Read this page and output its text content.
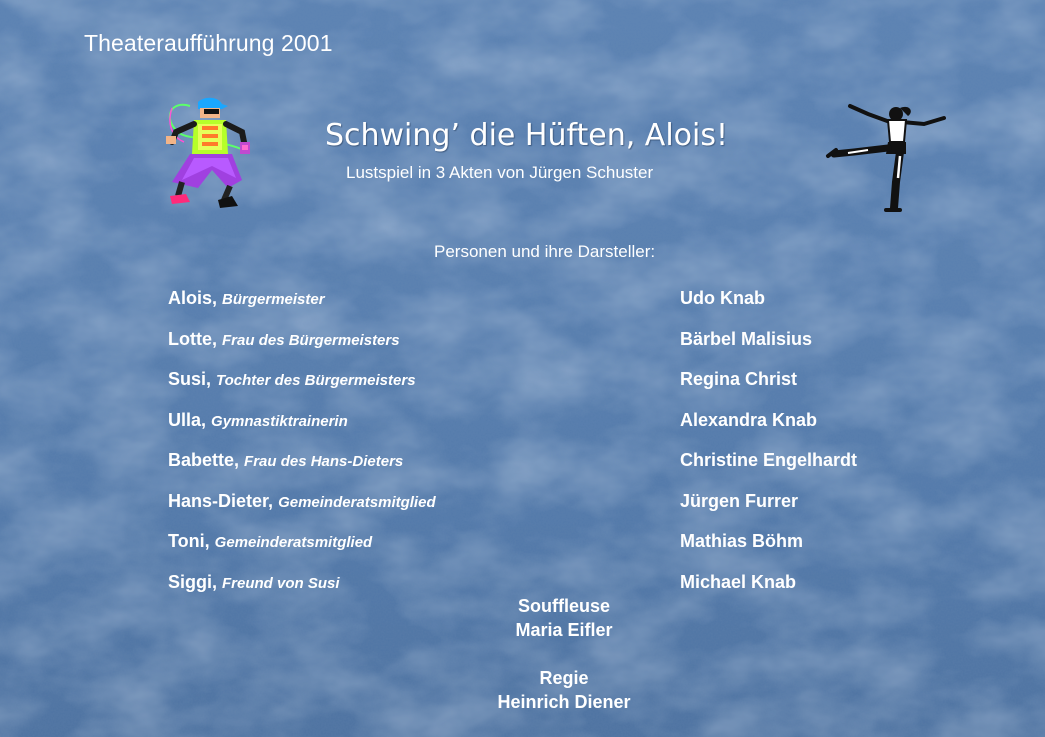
Theateraufführung 2001
Schwing’ die Hüften, Alois!
Lustspiel in 3 Akten von Jürgen Schuster
Personen und ihre Darsteller:
Alois, Bürgermeister	Udo Knab
Lotte, Frau des Bürgermeisters	Bärbel Malisius
Susi, Tochter des Bürgermeisters	Regina Christ
Ulla, Gymnastiktrainerin	Alexandra Knab
Babette, Frau des Hans-Dieters	Christine Engelhardt
Hans-Dieter, Gemeinderatsmitglied	Jürgen Furrer
Toni, Gemeinderatsmitglied	Mathias Böhm
Siggi, Freund von Susi	Michael Knab
Souffleuse
Maria Eifler
Regie
Heinrich Diener
